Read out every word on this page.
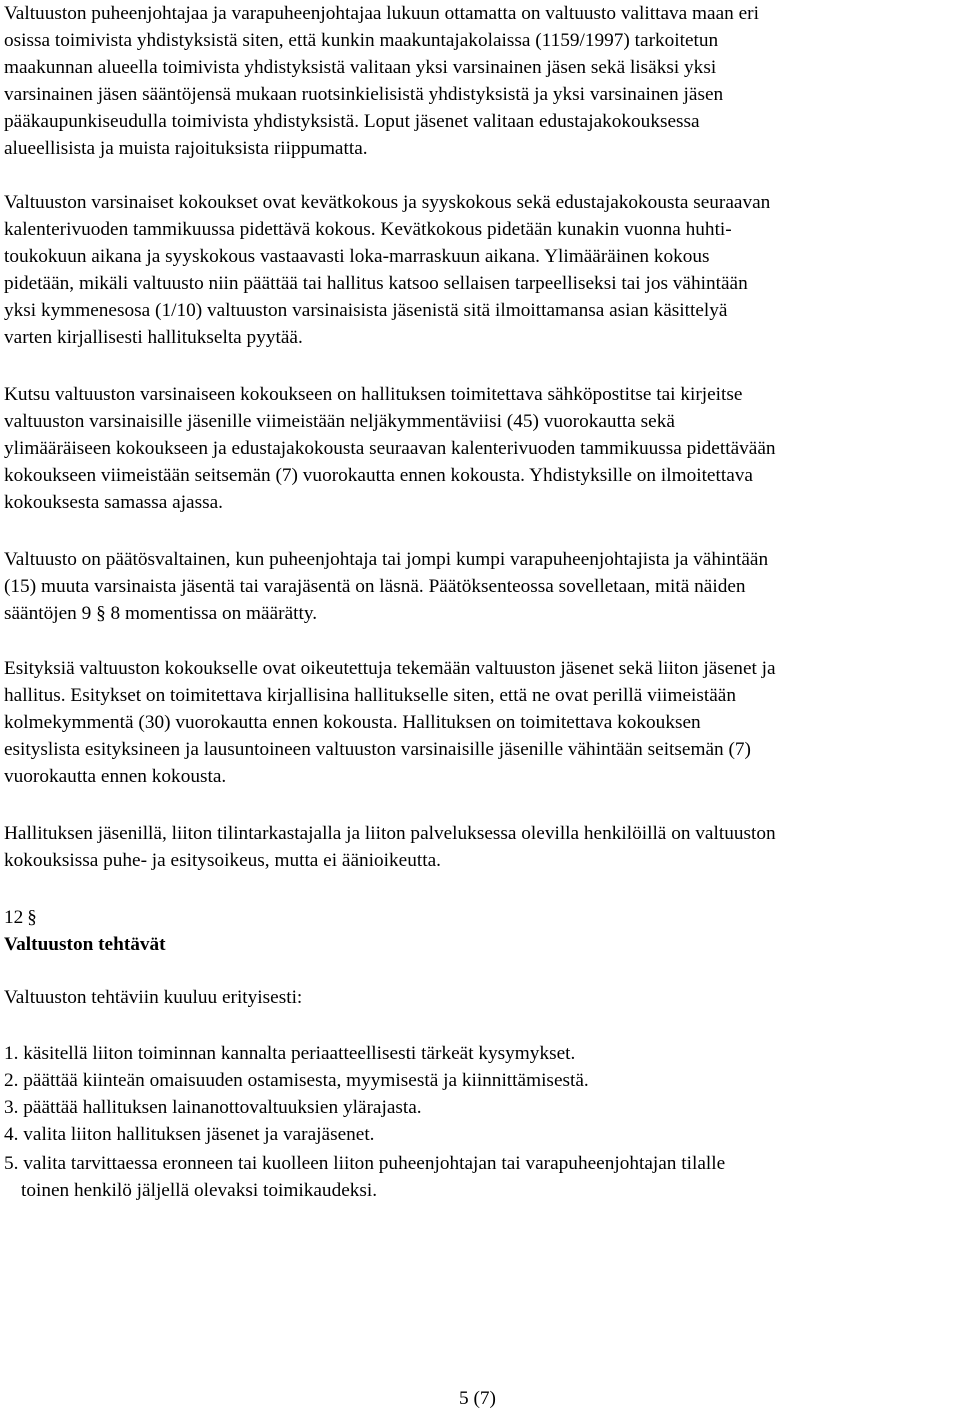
Valtuuston puheenjohtajaa ja varapuheenjohtajaa lukuun ottamatta on valtuusto valittava maan eri
osissa toimivista yhdistyksistä siten, että kunkin maakuntajakolaissa (1159/1997) tarkoitetun
maakunnan alueella toimivista yhdistyksistä valitaan yksi varsinainen jäsen sekä lisäksi yksi
varsinainen jäsen sääntöjensä mukaan ruotsinkielisistä yhdistyksistä ja yksi varsinainen jäsen
pääkaupunkiseudulla toimivista yhdistyksistä. Loput jäsenet valitaan edustajakokouksessa
alueellisista ja muista rajoituksista riippumatta.
Valtuuston varsinaiset kokoukset ovat kevätkokous ja syyskokous sekä edustajakokousta seuraavan
kalenterivuoden tammikuussa pidettävä kokous. Kevätkokous pidetään kunakin vuonna huhti-
toukokuun aikana ja syyskokous vastaavasti loka-marraskuun aikana. Ylimääräinen kokous
pidetään, mikäli valtuusto niin päättää tai hallitus katsoo sellaisen tarpeelliseksi tai jos vähintään
yksi kymmenesosa (1/10) valtuuston varsinaisista jäsenistä sitä ilmoittamansa asian käsittelyä
varten kirjallisesti hallitukselta pyytää.
Kutsu valtuuston varsinaiseen kokoukseen on hallituksen toimitettava sähköpostitse tai kirjeitse
valtuuston varsinaisille jäsenille viimeistään neljäkymmentäviisi (45) vuorokautta sekä
ylimääräiseen kokoukseen ja edustajakokousta seuraavan kalenterivuoden tammikuussa pidettävään
kokoukseen viimeistään seitsemän (7) vuorokautta ennen kokousta. Yhdistyksille on ilmoitettava
kokouksesta samassa ajassa.
Valtuusto on päätösvaltainen, kun puheenjohtaja tai jompi kumpi varapuheenjohtajista ja vähintään
(15) muuta varsinaista jäsentä tai varajäsentä on läsnä. Päätöksenteossa sovelletaan, mitä näiden
sääntöjen 9 § 8 momentissa on määrätty.
Esityksiä valtuuston kokoukselle ovat oikeutettuja tekemään valtuuston jäsenet sekä liiton jäsenet ja
hallitus. Esitykset on toimitettava kirjallisina hallitukselle siten, että ne ovat perillä viimeistään
kolmekymmentä (30) vuorokautta ennen kokousta. Hallituksen on toimitettava kokouksen
esityslista esityksineen ja lausuntoineen valtuuston varsinaisille jäsenille vähintään seitsemän (7)
vuorokautta ennen kokousta.
Hallituksen jäsenillä, liiton tilintarkastajalla ja liiton palveluksessa olevilla henkilöillä on valtuuston
kokouksissa puhe- ja esitysoikeus, mutta ei äänioikeutta.
12 §
Valtuuston tehtävät
Valtuuston tehtäviin kuuluu erityisesti:
1. käsitellä liiton toiminnan kannalta periaatteellisesti tärkeät kysymykset.
2. päättää kiinteän omaisuuden ostamisesta, myymisestä ja kiinnittämisestä.
3. päättää hallituksen lainanottovaltuuksien ylärajasta.
4. valita liiton hallituksen jäsenet ja varajäsenet.
5. valita tarvittaessa eronneen tai kuolleen liiton puheenjohtajan tai varapuheenjohtajan tilalle
toinen henkilö jäljellä olevaksi toimikaudeksi.
5 (7)
